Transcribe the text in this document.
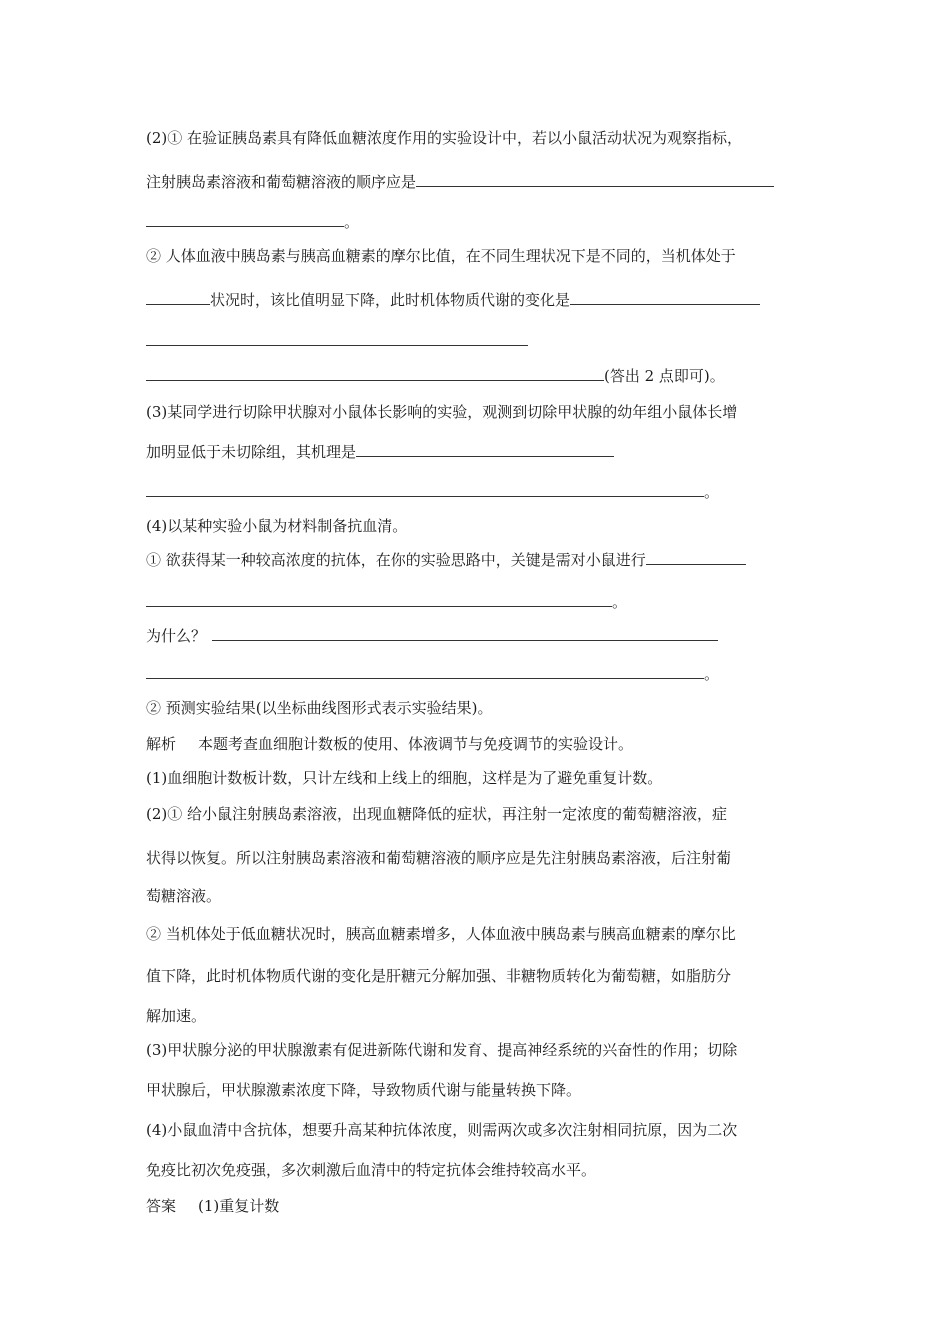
(2)① 在验证胰岛素具有降低血糖浓度作用的实验设计中，若以小鼠活动状况为观察指标，
注射胰岛素溶液和葡萄糖溶液的顺序应是
。
② 人体血液中胰岛素与胰高血糖素的摩尔比值，在不同生理状况下是不同的，当机体处于
状况时，该比值明显下降，此时机体物质代谢的变化是
(答出 2 点即可)。
(3)某同学进行切除甲状腺对小鼠体长影响的实验，观测到切除甲状腺的幼年组小鼠体长增
加明显低于未切除组，其机理是
。
(4)以某种实验小鼠为材料制备抗血清。
① 欲获得某一种较高浓度的抗体，在你的实验思路中，关键是需对小鼠进行
。
为什么？
。
② 预测实验结果(以坐标曲线图形式表示实验结果)。
解析 本题考查血细胞计数板的使用、体液调节与免疫调节的实验设计。
(1)血细胞计数板计数，只计左线和上线上的细胞，这样是为了避免重复计数。
(2)① 给小鼠注射胰岛素溶液，出现血糖降低的症状，再注射一定浓度的葡萄糖溶液，症
状得以恢复。所以注射胰岛素溶液和葡萄糖溶液的顺序应是先注射胰岛素溶液，后注射葡
萄糖溶液。
② 当机体处于低血糖状况时，胰高血糖素增多，人体血液中胰岛素与胰高血糖素的摩尔比
值下降，此时机体物质代谢的变化是肝糖元分解加强、非糖物质转化为葡萄糖，如脂肪分
解加速。
(3)甲状腺分泌的甲状腺激素有促进新陈代谢和发育、提高神经系统的兴奋性的作用；切除
甲状腺后，甲状腺激素浓度下降，导致物质代谢与能量转换下降。
(4)小鼠血清中含抗体，想要升高某种抗体浓度，则需两次或多次注射相同抗原，因为二次
免疫比初次免疫强，多次刺激后血清中的特定抗体会维持较高水平。
答案 (1)重复计数
